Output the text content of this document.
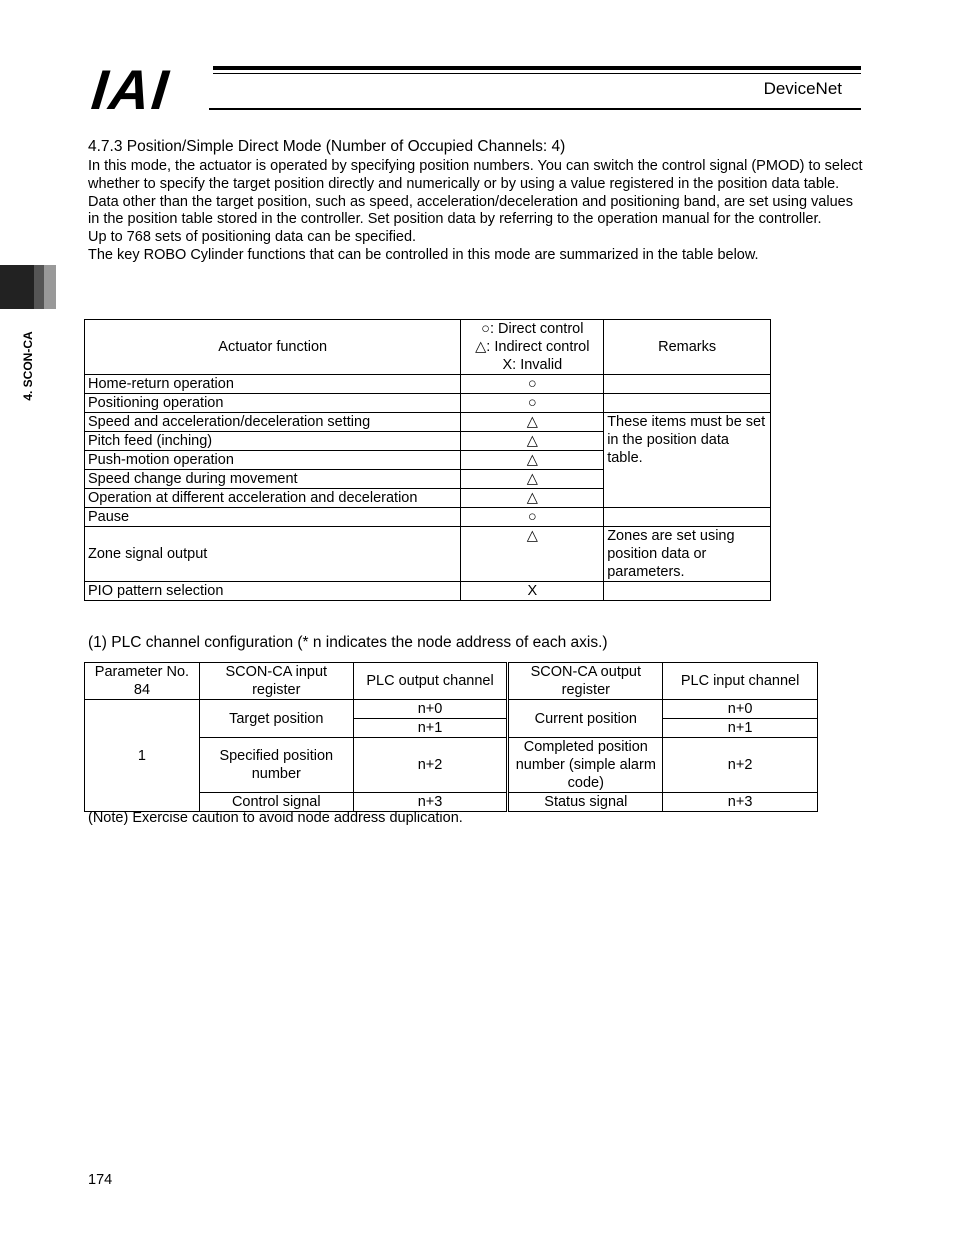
IAI	DeviceNet
4. SCON-CA
4.7.3 Position/Simple Direct Mode (Number of Occupied Channels: 4)

In this mode, the actuator is operated by specifying position numbers. You can switch the control signal (PMOD) to select whether to specify the target position directly and numerically or by using a value registered in the position data table.

Data other than the target position, such as speed, acceleration/deceleration and positioning band, are set using values in the position table stored in the controller. Set position data by referring to the operation manual for the controller.

Up to 768 sets of positioning data can be specified.

The key ROBO Cylinder functions that can be controlled in this mode are summarized in the table below.

Actuator function	○: Direct control
△: Indirect control
X: Invalid	Remarks
Home-return operation	○	
Positioning operation	○	
Speed and acceleration/deceleration setting	△	These items must be set in the position data table.
Pitch feed (inching)	△	
Push-motion operation	△	
Speed change during movement	△	
Operation at different acceleration and deceleration	△	
Pause	○	
Zone signal output	△	Zones are set using position data or parameters.
PIO pattern selection	X	
(1) PLC channel configuration (* n indicates the node address of each axis.)
Parameter No. 84	SCON-CA input register	PLC output channel	SCON-CA output register	PLC input channel
1	Target position	n+0	Current position	n+0
		n+1		n+1
	Specified position number	n+2	Completed position number (simple alarm code)	n+2
	Control signal	n+3	Status signal	n+3
(Note) Exercise caution to avoid node address duplication.
174
